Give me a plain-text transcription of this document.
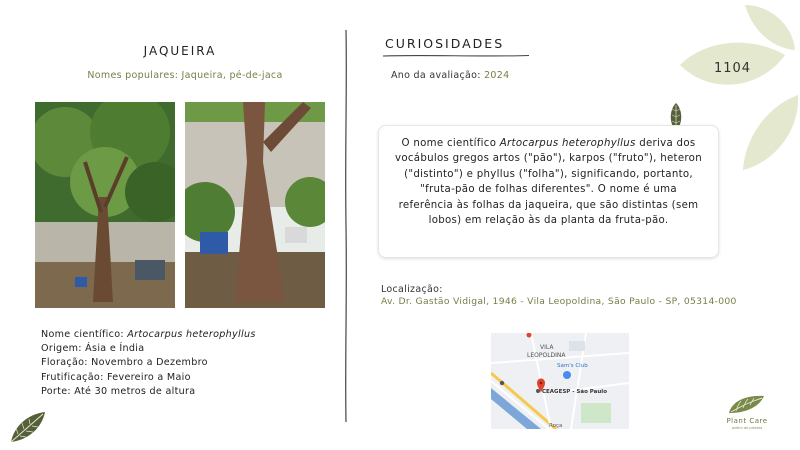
1104
JAQUEIRA
Nomes populares: Jaqueira, pé-de-jaca
Nome científico: Artocarpus heterophyllus
Origem: Ásia e Índia
Floração: Novembro a Dezembro
Frutificação: Fevereiro a Maio
Porte: Até 30 metros de altura
CURIOSIDADES
Ano da avaliação: 2024
O nome científico Artocarpus heterophyllus deriva dos vocábulos gregos artos ("pão"), karpos ("fruto"), heteron ("distinto") e phyllus ("folha"), significando, portanto, "fruta-pão de folhas diferentes". O nome é uma referência às folhas da jaqueira, que são distintas (sem lobos) em relação às da planta da fruta-pão.
Localização:
Av. Dr. Gastão Vidigal, 1946 - Vila Leopoldina, São Paulo - SP, 05314-000
VILA
LEOPOLDINA
Sam's Club
CEAGESP - São Paulo
Roça
Plant Care
jardim de plantas
